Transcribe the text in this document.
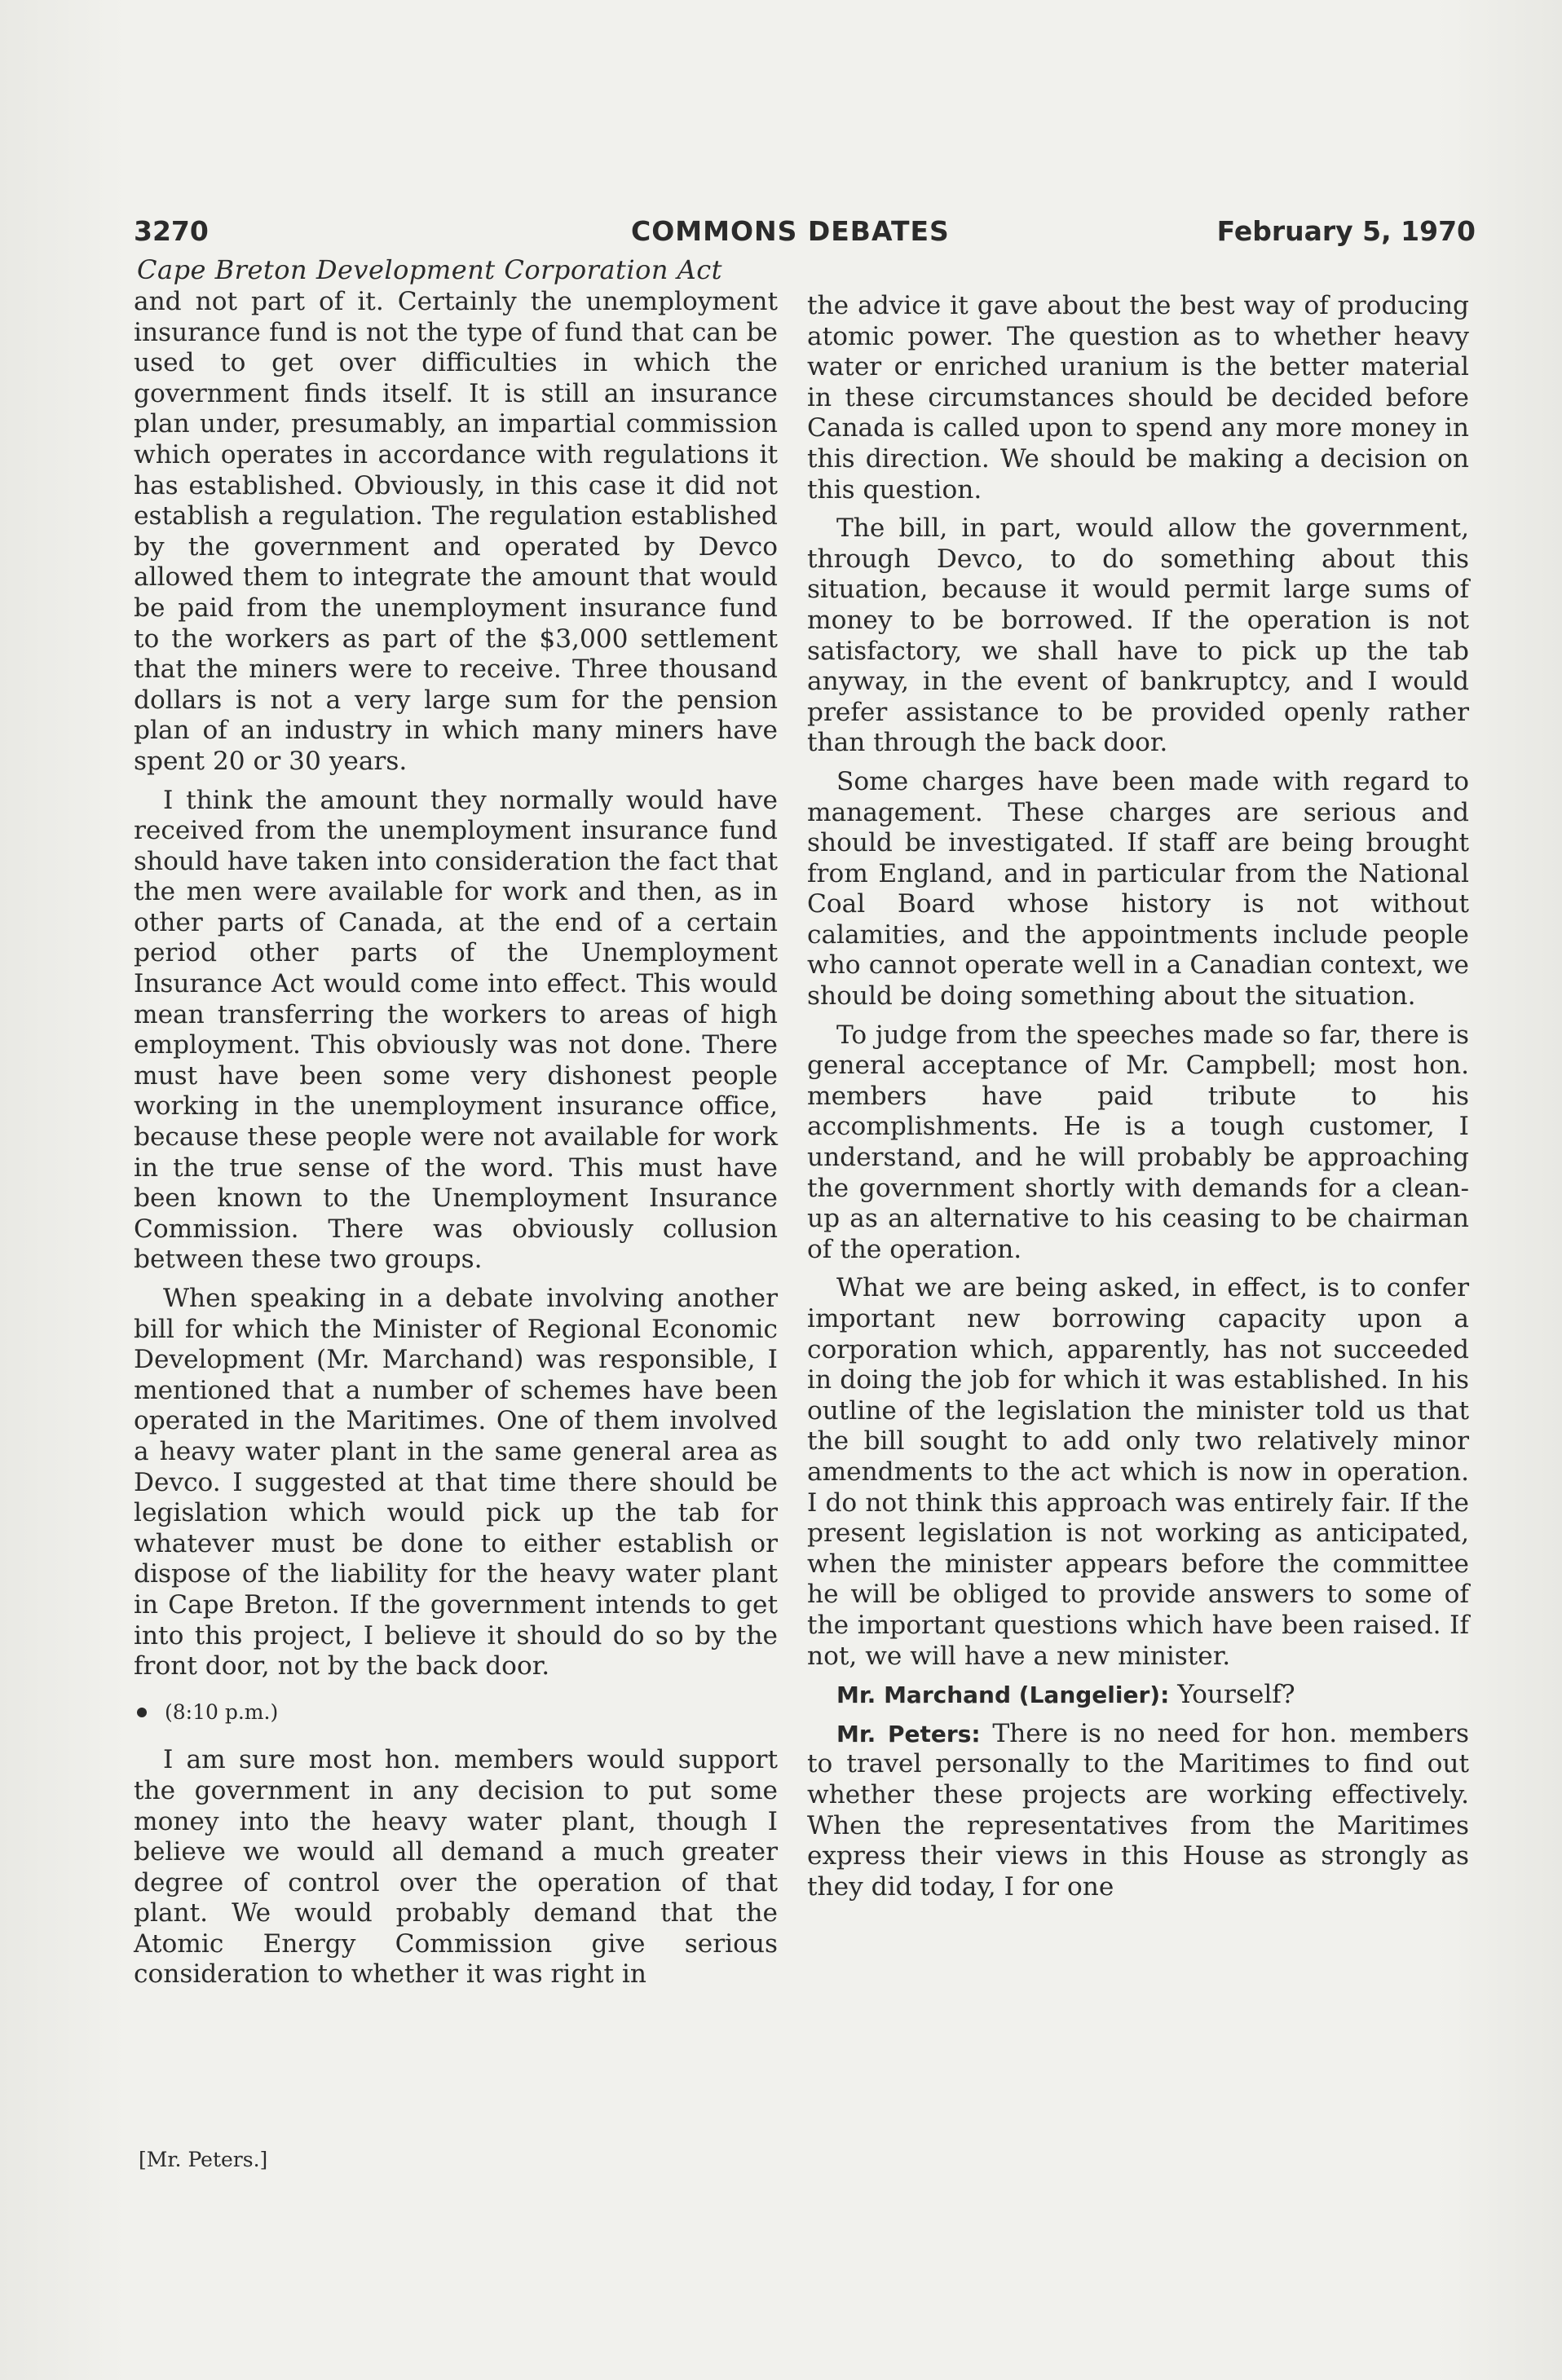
3270	COMMONS DEBATES	February 5, 1970
Cape Breton Development Corporation Act

and not part of it. Certainly the unemployment insurance fund is not the type of fund that can be used to get over difficulties in which the government finds itself. It is still an insurance plan under, presumably, an impartial commission which operates in accordance with regulations it has established. Obviously, in this case it did not establish a regulation. The regulation established by the government and operated by Devco allowed them to integrate the amount that would be paid from the unemployment insurance fund to the workers as part of the $3,000 settlement that the miners were to receive. Three thousand dollars is not a very large sum for the pension plan of an industry in which many miners have spent 20 or 30 years.

I think the amount they normally would have received from the unemployment insurance fund should have taken into consideration the fact that the men were available for work and then, as in other parts of Canada, at the end of a certain period other parts of the Unemployment Insurance Act would come into effect. This would mean transferring the workers to areas of high employment. This obviously was not done. There must have been some very dishonest people working in the unemployment insurance office, because these people were not available for work in the true sense of the word. This must have been known to the Unemployment Insurance Commission. There was obviously collusion between these two groups.

When speaking in a debate involving another bill for which the Minister of Regional Economic Development (Mr. Marchand) was responsible, I mentioned that a number of schemes have been operated in the Maritimes. One of them involved a heavy water plant in the same general area as Devco. I suggested at that time there should be legislation which would pick up the tab for whatever must be done to either establish or dispose of the liability for the heavy water plant in Cape Breton. If the government intends to get into this project, I believe it should do so by the front door, not by the back door.

(8:10 p.m.)

I am sure most hon. members would support the government in any decision to put some money into the heavy water plant, though I believe we would all demand a much greater degree of control over the operation of that plant. We would probably demand that the Atomic Energy Commission give serious consideration to whether it was right in

the advice it gave about the best way of producing atomic power. The question as to whether heavy water or enriched uranium is the better material in these circumstances should be decided before Canada is called upon to spend any more money in this direction. We should be making a decision on this question.

The bill, in part, would allow the government, through Devco, to do something about this situation, because it would permit large sums of money to be borrowed. If the operation is not satisfactory, we shall have to pick up the tab anyway, in the event of bankruptcy, and I would prefer assistance to be provided openly rather than through the back door.

Some charges have been made with regard to management. These charges are serious and should be investigated. If staff are being brought from England, and in particular from the National Coal Board whose history is not without calamities, and the appointments include people who cannot operate well in a Canadian context, we should be doing something about the situation.

To judge from the speeches made so far, there is general acceptance of Mr. Campbell; most hon. members have paid tribute to his accomplishments. He is a tough customer, I understand, and he will probably be approaching the government shortly with demands for a clean-up as an alternative to his ceasing to be chairman of the operation.

What we are being asked, in effect, is to confer important new borrowing capacity upon a corporation which, apparently, has not succeeded in doing the job for which it was established. In his outline of the legislation the minister told us that the bill sought to add only two relatively minor amendments to the act which is now in operation. I do not think this approach was entirely fair. If the present legislation is not working as anticipated, when the minister appears before the committee he will be obliged to provide answers to some of the important questions which have been raised. If not, we will have a new minister.

Mr. Marchand (Langelier): Yourself?

Mr. Peters: There is no need for hon. members to travel personally to the Maritimes to find out whether these projects are working effectively. When the representatives from the Maritimes express their views in this House as strongly as they did today, I for one

[Mr. Peters.]
